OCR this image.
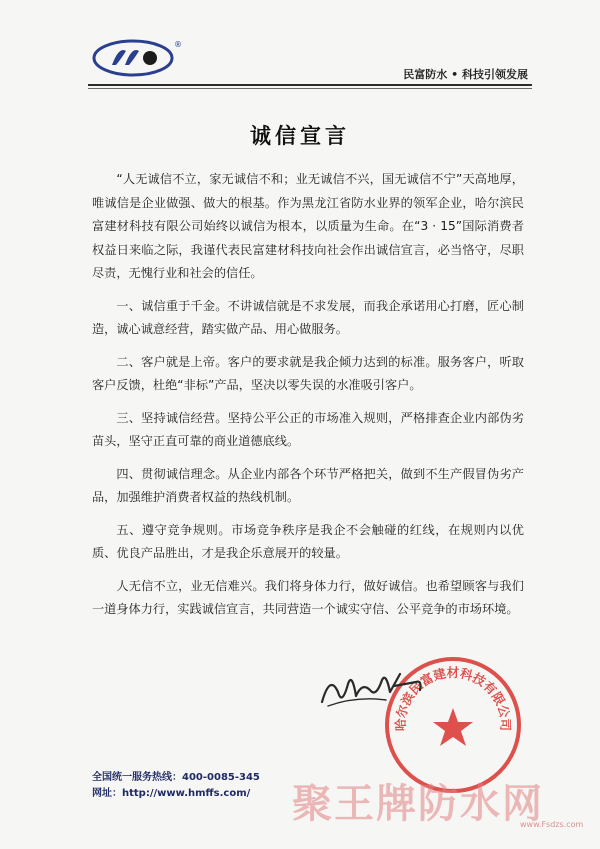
®
民富防水 • 科技引领发展
诚信宣言

“人无诚信不立，家无诚信不和；业无诚信不兴，国无诚信不宁”天高地厚，唯诚信是企业做强、做大的根基。作为黑龙江省防水业界的领军企业，哈尔滨民富建材科技有限公司始终以诚信为根本，以质量为生命。在“3 · 15”国际消费者权益日来临之际，我谨代表民富建材科技向社会作出诚信宣言，必当恪守，尽职尽责，无愧行业和社会的信任。

一、诚信重于千金。不讲诚信就是不求发展，而我企承诺用心打磨，匠心制造，诚心诚意经营，踏实做产品、用心做服务。

二、客户就是上帝。客户的要求就是我企倾力达到的标准。服务客户，听取客户反馈，杜绝“非标”产品，坚决以零失误的水准吸引客户。

三、坚持诚信经营。坚持公平公正的市场准入规则，严格排查企业内部伪劣苗头，坚守正直可靠的商业道德底线。

四、贯彻诚信理念。从企业内部各个环节严格把关，做到不生产假冒伪劣产品，加强维护消费者权益的热线机制。

五、遵守竞争规则。市场竞争秩序是我企不会触碰的红线，在规则内以优质、优良产品胜出，才是我企乐意展开的较量。

人无信不立，业无信难兴。我们将身体力行，做好诚信。也希望顾客与我们一道身体力行，实践诚信宣言，共同营造一个诚实守信、公平竞争的市场环境。

哈尔滨民富建材科技有限公司
全国统一服务热线：400-0085-345
网址：http://www.hmffs.com/ 聚王牌防水网
www.Fsdzs.com
